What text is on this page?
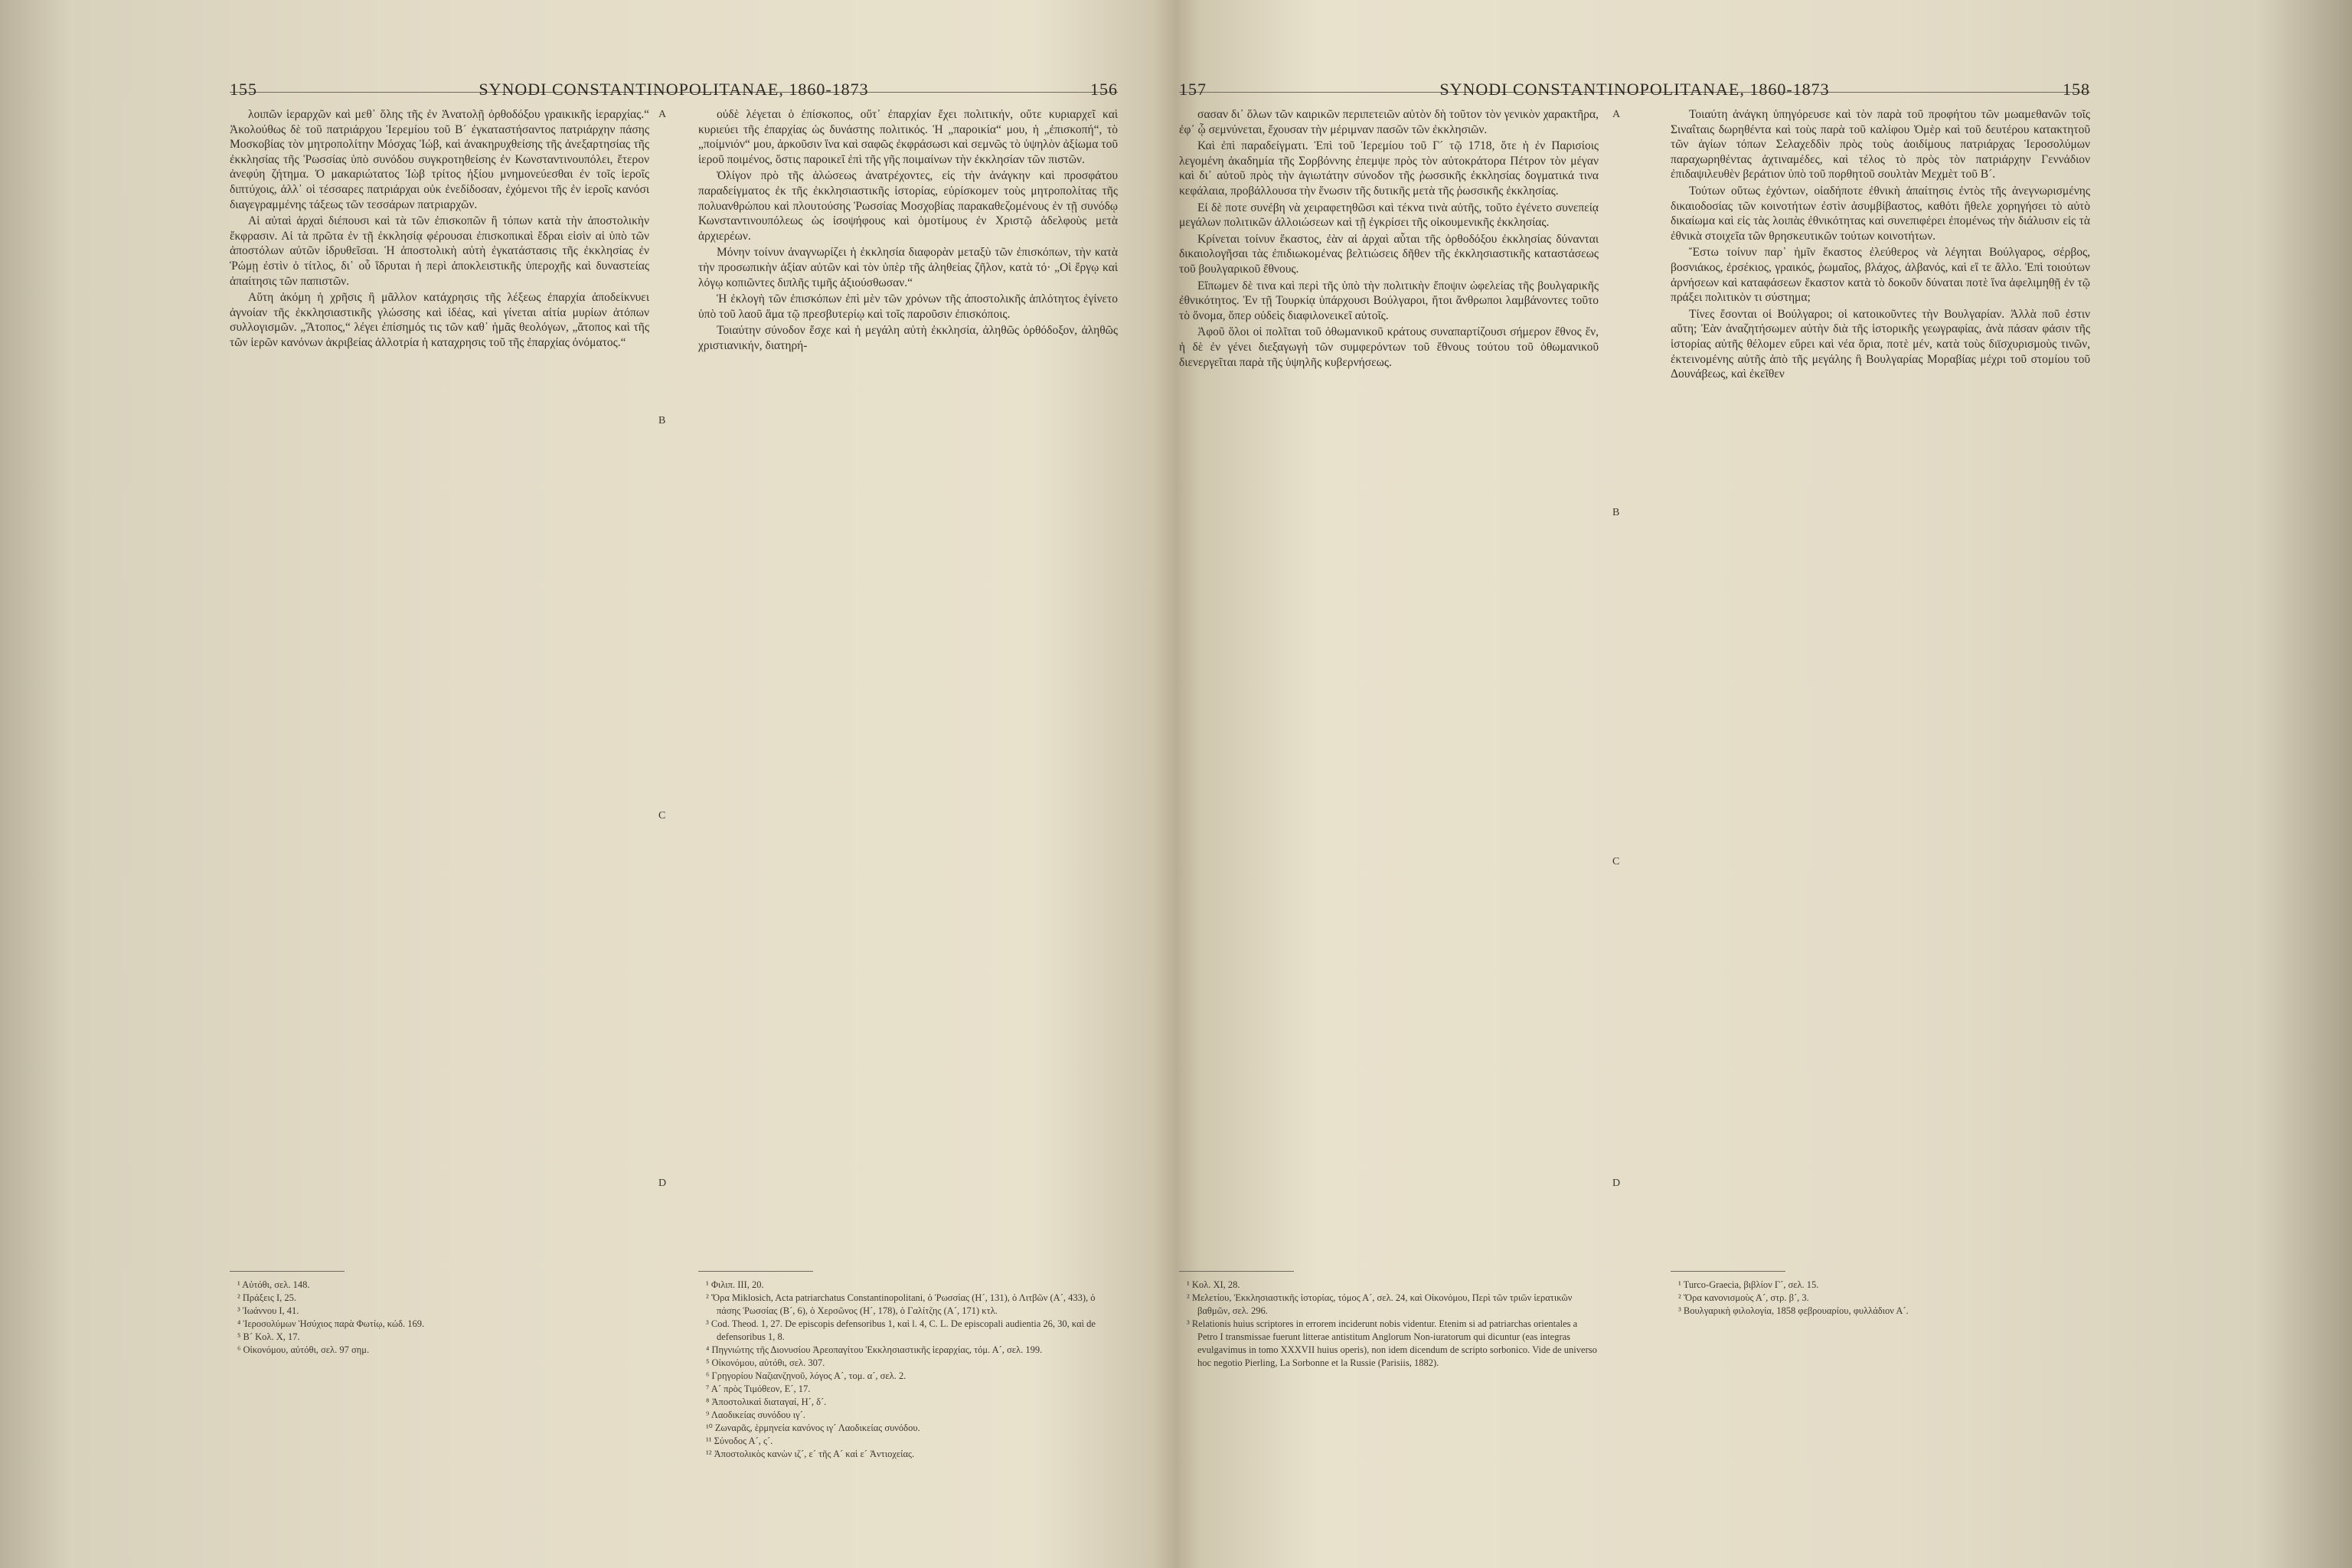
155	SYNODI CONSTANTINOPOLITANAE, 1860-1873	156

λοιπῶν ἱεραρχῶν καὶ μεθ᾽ ὅλης τῆς ἐν Ἀνατολῇ ὀρθοδόξου γραικικῆς ἱεραρχίας.“ Ἀκολούθως δὲ τοῦ πατριάρχου Ἱερεμίου τοῦ Β´ ἐγκαταστήσαντος πατριάρχην πάσης Μοσκοβίας τὸν μητροπολίτην Μόσχας Ἰώβ, καὶ ἀνακηρυχθείσης τῆς ἀνεξαρτησίας τῆς ἐκκλησίας τῆς Ῥωσσίας ὑπὸ συνόδου συγκροτηθείσης ἐν Κωνσταντινουπόλει, ἕτερον ἀνεφύη ζήτημα. Ὁ μακαριώτατος Ἰὼβ τρίτος ἠξίου μνημονεύεσθαι ἐν τοῖς ἱεροῖς διπτύχοις, ἀλλ᾽ οἱ τέσσαρες πατριάρχαι οὐκ ἐνεδίδοσαν, ἐχόμενοι τῆς ἐν ἱεροῖς κανόσι διαγεγραμμένης τάξεως τῶν τεσσάρων πατριαρχῶν.

Αἱ αὐταὶ ἀρχαὶ διέπουσι καὶ τὰ τῶν ἐπισκοπῶν ἢ τόπων κατὰ τὴν ἀποστολικὴν ἔκφρασιν. Αἱ τὰ πρῶτα ἐν τῇ ἐκκλησίᾳ φέρουσαι ἐπισκοπικαὶ ἕδραι εἰσὶν αἱ ὑπὸ τῶν ἀποστόλων αὐτῶν ἱδρυθεῖσαι. Ἡ ἀποστολικὴ αὐτὴ ἐγκατάστασις τῆς ἐκκλησίας ἐν Ῥώμῃ ἐστὶν ὁ τίτλος, δι᾽ οὗ ἵδρυται ἡ περὶ ἀποκλειστικῆς ὑπεροχῆς καὶ δυναστείας ἀπαίτησις τῶν παπιστῶν.

Αὕτη ἀκόμη ἡ χρῆσις ἢ μᾶλλον κατάχρησις τῆς λέξεως ἐπαρχία ἀποδείκνυει ἀγνοίαν τῆς ἐκκλησιαστικῆς γλώσσης καὶ ἰδέας, καὶ γίνεται αἰτία μυρίων ἀτόπων συλλογισμῶν. „Ἄτοπος,“ λέγει ἐπίσημός τις τῶν καθ᾽ ἡμᾶς θεολόγων, „ἄτοπος καὶ τῆς τῶν ἱερῶν κανόνων ἀκριβείας ἀλλοτρία ἡ καταχρησις τοῦ τῆς ἐπαρχίας ὀνόματος.“

οὐδὲ λέγεται ὁ ἐπίσκοπος, οὔτ᾽ ἐπαρχίαν ἔχει πολιτικήν, οὔτε κυριαρχεῖ καὶ κυριεύει τῆς ἐπαρχίας ὡς δυνάστης πολιτικός. Ἡ „παροικία“ μου, ἡ „ἐπισκοπή“, τὸ „ποίμνιόν“ μου, ἀρκοῦσιν ἵνα καὶ σαφῶς ἐκφράσωσι καὶ σεμνῶς τὸ ὑψηλὸν ἀξίωμα τοῦ ἱεροῦ ποιμένος, ὅστις παροικεῖ ἐπὶ τῆς γῆς ποιμαίνων τὴν ἐκκλησίαν τῶν πιστῶν.

Ὀλίγον πρὸ τῆς ἁλώσεως ἀνατρέχοντες, εἰς τὴν ἀνάγκην καὶ προσφάτου παραδείγματος ἐκ τῆς ἐκκλησιαστικῆς ἱστορίας, εὑρίσκομεν τοὺς μητροπολίτας τῆς πολυανθρώπου καὶ πλουτούσης Ῥωσσίας Μοσχοβίας παρακαθεζομένους ἐν τῇ συνόδῳ Κωνσταντινουπόλεως ὡς ἰσοψήφους καὶ ὁμοτίμους ἐν Χριστῷ ἀδελφοὺς μετὰ ἀρχιερέων.

Μόνην τοίνυν ἀναγνωρίζει ἡ ἐκκλησία διαφορὰν μεταξὺ τῶν ἐπισκόπων, τὴν κατὰ τὴν προσωπικὴν ἀξίαν αὐτῶν καὶ τὸν ὑπὲρ τῆς ἀληθείας ζῆλον, κατὰ τό· „Οἱ ἔργῳ καὶ λόγῳ κοπιῶντες διπλῆς τιμῆς ἀξιούσθωσαν.“

Ἡ ἐκλογὴ τῶν ἐπισκόπων ἐπὶ μὲν τῶν χρόνων τῆς ἀποστολικῆς ἁπλότητος ἐγίνετο ὑπὸ τοῦ λαοῦ ἅμα τῷ πρεσβυτερίῳ καὶ τοῖς παροῦσιν ἐπισκόποις.

Τοιαύτην σύνοδον ἔσχε καὶ ἡ μεγάλη αὐτὴ ἐκκλησία, ἀληθῶς ὀρθόδοξον, ἀληθῶς χριστιανικήν, διατηρή-

A
B
C
D

¹ Αὐτόθι, σελ. 148.

² Πράξεις Ι, 25.

³ Ἰωάννου Ι, 41.

⁴ Ἱεροσολύμων Ἡσύχιος παρὰ Φωτίῳ, κώδ. 169.

⁵ Β´ Κολ. Χ, 17.

⁶ Οἰκονόμου, αὐτόθι, σελ. 97 σημ.

¹ Φιλιπ. ΙΙΙ, 20.

² Ὅρα Miklosich, Acta patriarchatus Constantinopolitani, ὁ Ῥωσσίας (Η´, 131), ὁ Λιτβῶν (Α´, 433), ὁ πάσης Ῥωσσίας (Β´, 6), ὁ Χερσῶνος (Η´, 178), ὁ Γαλίτζης (Α´, 171) κτλ.

³ Cod. Theod. 1, 27. De episcopis defensoribus 1, καὶ l. 4, C. L. De episcopali audientia 26, 30, καὶ de defensoribus 1, 8.

⁴ Πηγνιώτης τῆς Διονυσίου Ἀρεοπαγίτου Ἐκκλησιαστικῆς ἱεραρχίας, τόμ. Α´, σελ. 199.

⁵ Οἰκονόμου, αὐτόθι, σελ. 307.

⁶ Γρηγορίου Ναζιανζηνοῦ, λόγος Α´, τομ. α´, σελ. 2.

⁷ Α´ πρὸς Τιμόθεον, Ε´, 17.

⁸ Ἀποστολικαὶ διαταγαί, Η´, δ´.

⁹ Λαοδικείας συνόδου ιγ´.

¹⁰ Ζωναρᾶς, ἑρμηνεία κανόνος ιγ´ Λαοδικείας συνόδου.

¹¹ Σύνοδος Α´, ς´.

¹² Ἀποστολικὸς κανὼν ιζ´, ε´ τῆς Α´ καὶ ε´ Ἀντιοχείας.

157	SYNODI CONSTANTINOPOLITANAE, 1860-1873	158

σασαν δι᾽ ὅλων τῶν καιρικῶν περιπετειῶν αὐτὸν δὴ τοῦτον τὸν γενικὸν χαρακτῆρα, ἐφ᾽ ᾧ σεμνύνεται, ἔχουσαν τὴν μέριμναν πασῶν τῶν ἐκκλησιῶν.

Καὶ ἐπὶ παραδείγματι. Ἐπὶ τοῦ Ἱερεμίου τοῦ Γ´ τῷ 1718, ὅτε ἡ ἐν Παρισίοις λεγομένη ἀκαδημία τῆς Σορβόννης ἐπεμψε πρὸς τὸν αὐτοκράτορα Πέτρον τὸν μέγαν καὶ δι᾽ αὐτοῦ πρὸς τὴν ἁγιωτάτην σύνοδον τῆς ῥωσσικῆς ἐκκλησίας δογματικά τινα κεφάλαια, προβάλλουσα τὴν ἕνωσιν τῆς δυτικῆς μετὰ τῆς ῥωσσικῆς ἐκκλησίας.

Εἰ δὲ ποτε συνέβη νὰ χειραφετηθῶσι καὶ τέκνα τινὰ αὐτῆς, τοῦτο ἐγένετο συνεπείᾳ μεγάλων πολιτικῶν ἀλλοιώσεων καὶ τῇ ἐγκρίσει τῆς οἰκουμενικῆς ἐκκλησίας.

Κρίνεται τοίνυν ἕκαστος, ἐὰν αἱ ἀρχαὶ αὗται τῆς ὀρθοδόξου ἐκκλησίας δύνανται δικαιολογῆσαι τὰς ἐπιδιωκομένας βελτιώσεις δῆθεν τῆς ἐκκλησιαστικῆς καταστάσεως τοῦ βουλγαρικοῦ ἔθνους.

Εἴπωμεν δὲ τινα καὶ περὶ τῆς ὑπὸ τὴν πολιτικὴν ἔποψιν ὠφελείας τῆς βουλγαρικῆς ἐθνικότητος. Ἐν τῇ Τουρκίᾳ ὑπάρχουσι Βούλγαροι, ἤτοι ἄνθρωποι λαμβάνοντες τοῦτο τὸ ὄνομα, ὅπερ οὐδεὶς διαφιλονεικεῖ αὐτοῖς.

Ἀφοῦ ὅλοι οἱ πολῖται τοῦ ὀθωμανικοῦ κράτους συναπαρτίζουσι σήμερον ἔθνος ἕν, ἡ δὲ ἐν γένει διεξαγωγὴ τῶν συμφερόντων τοῦ ἔθνους τούτου τοῦ ὀθωμανικοῦ διενεργεῖται παρὰ τῆς ὑψηλῆς κυβερνήσεως.

Τοιαύτη ἀνάγκη ὑπηγόρευσε καὶ τὸν παρὰ τοῦ προφήτου τῶν μωαμεθανῶν τοῖς Σιναΐταις δωρηθέντα καὶ τοὺς παρὰ τοῦ καλίφου Ὀμὲρ καὶ τοῦ δευτέρου κατακτητοῦ τῶν ἁγίων τόπων Σελαχεδδὶν πρὸς τοὺς ἀοιδίμους πατριάρχας Ἱεροσολύμων παραχωρηθέντας ἀχτιναμέδες, καὶ τέλος τὸ πρὸς τὸν πατριάρχην Γεννάδιον ἐπιδαψιλευθὲν βεράτιον ὑπὸ τοῦ πορθητοῦ σουλτὰν Μεχμὲτ τοῦ Β´.

Τούτων οὕτως ἐχόντων, οἰαδήποτε ἐθνικὴ ἀπαίτησις ἐντὸς τῆς ἀνεγνωρισμένης δικαιοδοσίας τῶν κοινοτήτων ἐστὶν ἀσυμβίβαστος, καθότι ἤθελε χορηγήσει τὸ αὐτὸ δικαίωμα καὶ εἰς τὰς λοιπὰς ἐθνικότητας καὶ συνεπιφέρει ἐπομένως τὴν διάλυσιν εἰς τὰ ἐθνικὰ στοιχεῖα τῶν θρησκευτικῶν τούτων κοινοτήτων.

Ἔστω τοίνυν παρ᾽ ἡμῖν ἕκαστος ἐλεύθερος νὰ λέγηται Βούλγαρος, σέρβος, βοσνιάκος, ἐρσέκιος, γραικός, ῥωμαῖος, βλάχος, ἀλβανός, καὶ εἴ τε ἄλλο. Ἐπὶ τοιούτων ἀρνήσεων καὶ καταφάσεων ἕκαστον κατὰ τὸ δοκοῦν δύναται ποτὲ ἵνα ἀφελιμηθῇ ἐν τῷ πράξει πολιτικὸν τι σύστημα;

Τίνες ἔσονται οἱ Βούλγαροι; οἱ κατοικοῦντες τὴν Βουλγαρίαν. Ἀλλὰ ποῦ ἐστιν αὕτη; Ἐὰν ἀναζητήσωμεν αὐτὴν διὰ τῆς ἱστορικῆς γεωγραφίας, ἀνὰ πάσαν φάσιν τῆς ἱστορίας αὐτῆς θέλομεν εὕρει καὶ νέα ὅρια, ποτὲ μέν, κατὰ τοὺς διϊσχυρισμοὺς τινῶν, ἐκτεινομένης αὐτῆς ἀπὸ τῆς μεγάλης ἢ Βουλγαρίας Μοραβίας μέχρι τοῦ στομίου τοῦ Δουνάβεως, καὶ ἐκεῖθεν

A
B
C
D

¹ Κολ. ΧΙ, 28.

² Μελετίου, Ἐκκλησιαστικῆς ἱστορίας, τόμος Α´, σελ. 24, καὶ Οἰκονόμου, Περὶ τῶν τριῶν ἱερατικῶν βαθμῶν, σελ. 296.

³ Relationis huius scriptores in errorem inciderunt nobis videntur. Etenim si ad patriarchas orientales a Petro I transmissae fuerunt litterae antistitum Anglorum Non-iuratorum qui dicuntur (eas integras evulgavimus in tomo XXXVII huius operis), non idem dicendum de scripto sorbonico. Vide de universo hoc negotio Pierling, La Sorbonne et la Russie (Parisiis, 1882).

¹ Turco-Graecia, βιβλίον Γ´, σελ. 15.

² Ὅρα κανονισμοὺς Α´, στρ. β´, 3.

³ Βουλγαρικὴ φιλολογία, 1858 φεβρουαρίου, φυλλάδιον Α´.
